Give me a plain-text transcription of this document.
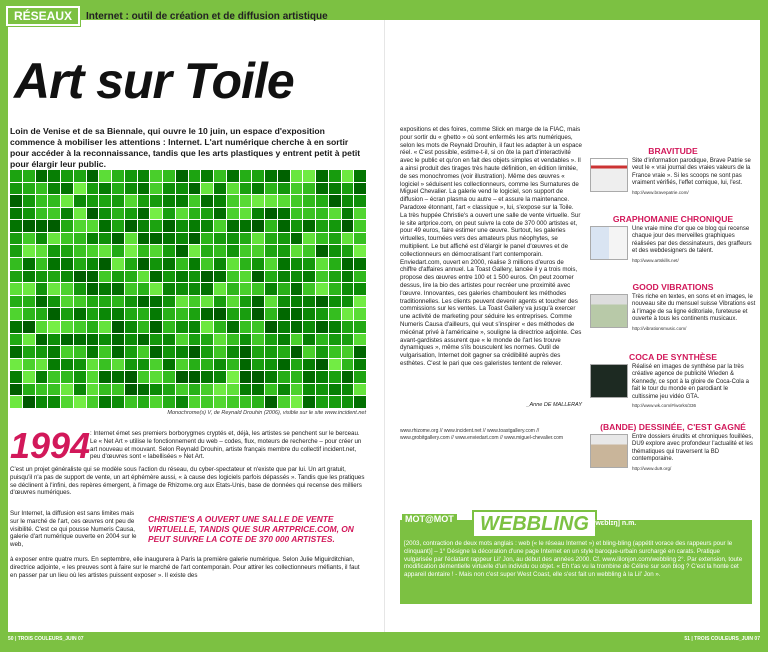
RÉSEAUX	Internet : outil de création et de diffusion artistique
Art sur Toile
Loin de Venise et de sa Biennale, qui ouvre le 10 juin, un espace d'exposition commence à mobiliser les attentions : Internet. L'art numérique cherche à en sortir pour accéder à la reconnaissance, tandis que les arts plastiques y entrent petit à petit pour élargir leur public.
Monochrome(s) V, de Reynald Drouhin (2006), visible sur le site www.incident.net
1994 : Internet émet ses premiers borborygmes cryptés et, déjà, les artistes se penchent sur le berceau. Le « Net Art » utilise le fonctionnement du web – codes, flux, moteurs de recherche – pour créer un art nouveau et mouvant. Selon Reynald Drouhin, artiste français membre du collectif incident.net, peu d'œuvres sont « labellisées » Net Art.
C'est un projet généraliste qui se modèle sous l'action du réseau, du cyber-spectateur et n'existe que par lui. Un art gratuit, puisqu'il n'a pas de support de vente, un art éphémère aussi, « à cause des logiciels parfois dépassés ». Tandis que les pratiques se déclinent à l'infini, des repères émergent, à l'image de Rhizome.org aux Etats-Unis, base de données qui recense des milliers d'œuvres numériques.
Sur Internet, la diffusion est sans limites mais sur le marché de l'art, ces œuvres ont peu de visibilité. C'est ce qui pousse Numeris Causa, galerie d'art numérique ouverte en 2004 sur le web,
CHRISTIE'S A OUVERT UNE SALLE DE VENTE VIRTUELLE, TANDIS QUE SUR ARTPRICE.COM, ON PEUT SUIVRE LA COTE DE 370 000 ARTISTES.
à exposer entre quatre murs. En septembre, elle inaugurera à Paris la première galerie numérique. Selon Julie Miguirditchian, directrice adjointe, « les preuves sont à faire sur le marché de l'art contemporain. Pour attirer les collectionneurs méfiants, il faut en passer par un lieu où les artistes puissent exposer ». Il existe des
expositions et des foires, comme Slick en marge de la FIAC, mais pour sortir du « ghetto » où sont enfermés les arts numériques, selon les mots de Reynald Drouhin, il faut les adapter à un espace réel. « C'est possible, estime-t-il, si on ôte la part d'interactivité avec le public et qu'on en fait des objets simples et vendables ». Il a ainsi produit des tirages très haute définition, en édition limitée, de ses monochromes (voir illustration). Même des œuvres « logiciel » séduisent les collectionneurs, comme les Surnatures de Miguel Chevalier. La galerie vend le logiciel, son support de diffusion – écran plasma ou autre – et assure la maintenance. Paradoxe étonnant, l'art « classique », lui, s'expose sur la Toile. La très huppée Christie's a ouvert une salle de vente virtuelle. Sur le site artprice.com, on peut suivre la cote de 370 000 artistes et, pour 49 euros, faire estimer une œuvre. Surtout, les galeries virtuelles, tournées vers des amateurs plus néophytes, se multiplient. Le but affiché est d'élargir le panel d'œuvres et de collectionneurs en démocratisant l'art contemporain. Enviedart.com, ouvert en 2000, réalise 3 millions d'euros de chiffre d'affaires annuel. La Toast Gallery, lancée il y a trois mois, propose des œuvres entre 100 et 1 500 euros. On peut zoomer dessus, lire la bio des artistes pour recréer une proximité avec l'œuvre. Innovantes, ces galeries chamboulent les méthodes traditionnelles. Les clients peuvent devenir agents et toucher des commissions sur les ventes. La Toast Gallery va jusqu'à exercer une activité de marketing pour séduire les entreprises. Comme Numeris Causa d'ailleurs, qui veut s'inspirer « des méthodes de mécénat privé à l'américaine », souligne la directrice adjointe. Ces avant-gardistes assurent que « le monde de l'art les trouve dynamiques », même s'ils bousculent les normes. Outil de vulgarisation, Internet doit gagner sa crédibilité auprès des esthètes. C'est le pari que ces galeristes tentent de relever.
_Anne DE MALLERAY
www.rhizome.org // www.incident.net // www.toastgallery.com // www.grobitgallery.com // www.enviedart.com // www.miguel-chevalier.com
BRAVITUDE

Site d'information parodique, Brave Patrie se veut le « vrai journal des vraies valeurs de la France vraie ». Si les scoops ne sont pas vraiment vérifiés, l'effet comique, lui, l'est.

http://www.bravepatrie.com/

GRAPHOMANIE CHRONIQUE

Une vraie mine d'or que ce blog qui recense chaque jour des merveilles graphiques réalisées par des dessinateurs, des graffeurs et des webdesigners de talent.

http://www.artskills.net/

GOOD VIBRATIONS

Très riche en textes, en sons et en images, le nouveau site du mensuel suisse Vibrations est à l'image de sa ligne éditoriale, fureteuse et ouverte à tous les continents musicaux.

http://vibrationsmusic.com/

COCA DE SYNTHÈSE

Réalisé en images de synthèse par la très créative agence de publicité Wieden & Kennedy, ce spot à la gloire de Coca-Cola a fait le tour du monde en parodiant le cultissime jeu vidéo GTA.

http://www.wk.com/#/works/336

(BANDE) DESSINÉE, C'EST GAGNÉ

Entre dossiers érudits et chroniques fouillées, DU9 explore avec profondeur l'actualité et les thématiques qui traversent la BD contemporaine.

http://www.du9.org/

MOT@MOT	WEBBLING [wɛblɪŋ] n.m.
[2003, contraction de deux mots anglais : web (« le réseau Internet ») et bling-bling (appétit vorace des rappeurs pour le clinquant)] – 1° Désigne la décoration d'une page Internet en un style baroque-urbain surchargé en carats. Pratique vulgarisée par l'éclatant rappeur Lil' Jon, au début des années 2000. Cf. www.lilonjon.com/webbling 2°. Par extension, toute modification démentielle virtuelle d'un individu ou objet. « Eh t'as vu la trombine de Céline sur son blog ? C'est la honte cet appareil dentaire ! - Mais non c'est super West Coast, elle s'est fait un webbling à la Lil' Jon ».
50 | TROIS COULEURS_JUIN 07	51 | TROIS COULEURS_JUIN 07
